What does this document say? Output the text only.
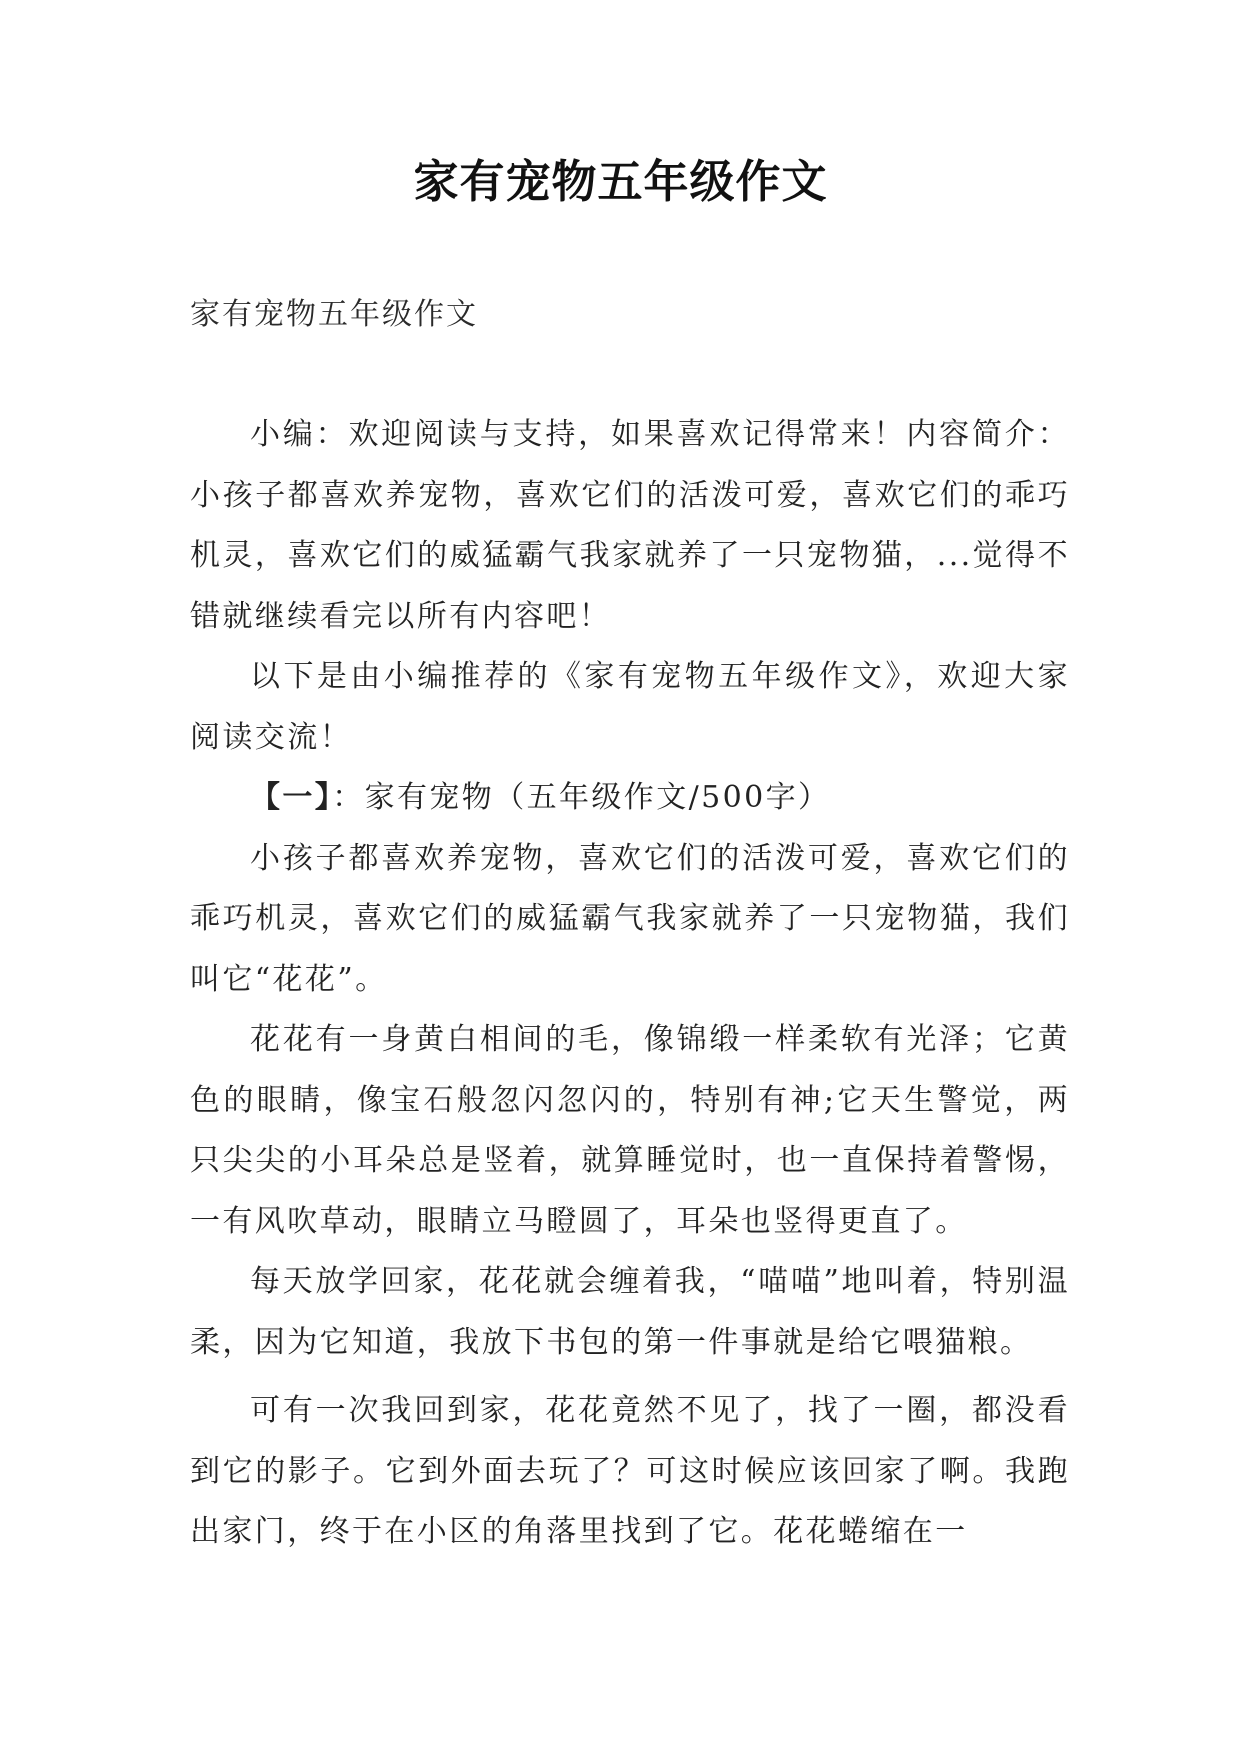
家有宠物五年级作文
家有宠物五年级作文

小编：欢迎阅读与支持，如果喜欢记得常来！内容简介：小孩子都喜欢养宠物，喜欢它们的活泼可爱，喜欢它们的乖巧机灵，喜欢它们的威猛霸气我家就养了一只宠物猫，...觉得不错就继续看完以所有内容吧！

以下是由小编推荐的《家有宠物五年级作文》，欢迎大家阅读交流！

【一】：家有宠物（五年级作文/500字）

小孩子都喜欢养宠物，喜欢它们的活泼可爱，喜欢它们的乖巧机灵，喜欢它们的威猛霸气我家就养了一只宠物猫，我们叫它“花花”。

花花有一身黄白相间的毛，像锦缎一样柔软有光泽；它黄色的眼睛，像宝石般忽闪忽闪的，特别有神;它天生警觉，两只尖尖的小耳朵总是竖着，就算睡觉时，也一直保持着警惕，一有风吹草动，眼睛立马瞪圆了，耳朵也竖得更直了。

每天放学回家，花花就会缠着我，“喵喵”地叫着，特别温柔，因为它知道，我放下书包的第一件事就是给它喂猫粮。

可有一次我回到家，花花竟然不见了，找了一圈，都没看到它的影子。它到外面去玩了？可这时候应该回家了啊。我跑出家门，终于在小区的角落里找到了它。花花蜷缩在一
